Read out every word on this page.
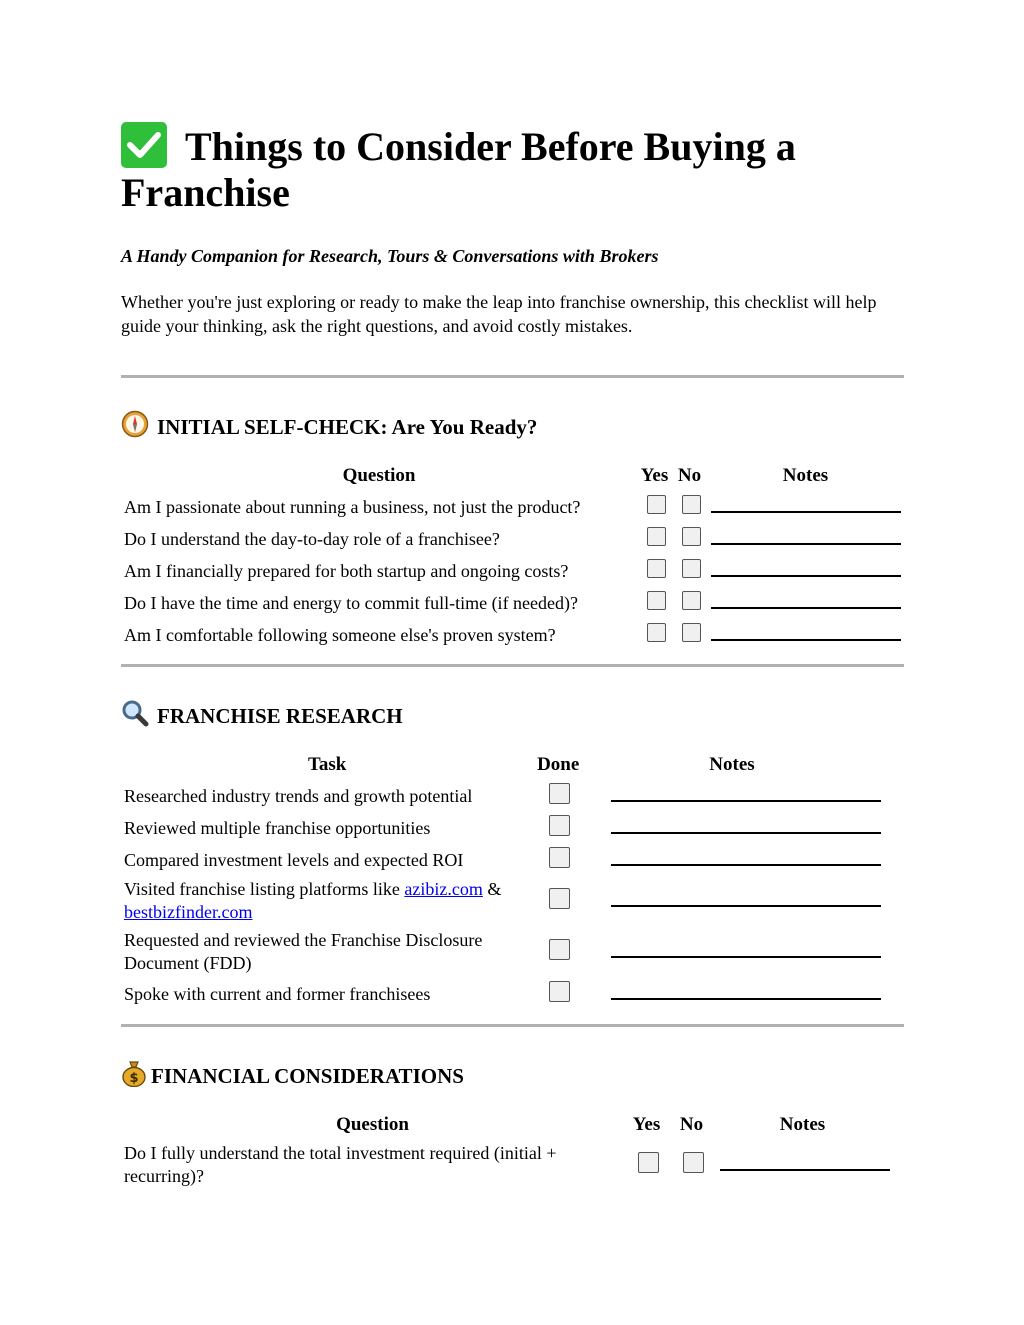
Things to Consider Before Buying a Franchise
A Handy Companion for Research, Tours & Conversations with Brokers
Whether you're just exploring or ready to make the leap into franchise ownership, this checklist will help guide your thinking, ask the right questions, and avoid costly mistakes.
INITIAL SELF-CHECK: Are You Ready?
Question	Yes	No	Notes
Am I passionate about running a business, not just the product?			
Do I understand the day-to-day role of a franchisee?			
Am I financially prepared for both startup and ongoing costs?			
Do I have the time and energy to commit full-time (if needed)?			
Am I comfortable following someone else's proven system?			
FRANCHISE RESEARCH
Task	Done	Notes
Researched industry trends and growth potential		
Reviewed multiple franchise opportunities		
Compared investment levels and expected ROI		
Visited franchise listing platforms like azibiz.com & bestbizfinder.com		
Requested and reviewed the Franchise Disclosure Document (FDD)		
Spoke with current and former franchisees		
$ FINANCIAL CONSIDERATIONS
Question	Yes	No	Notes
Do I fully understand the total investment required (initial + recurring)?			
